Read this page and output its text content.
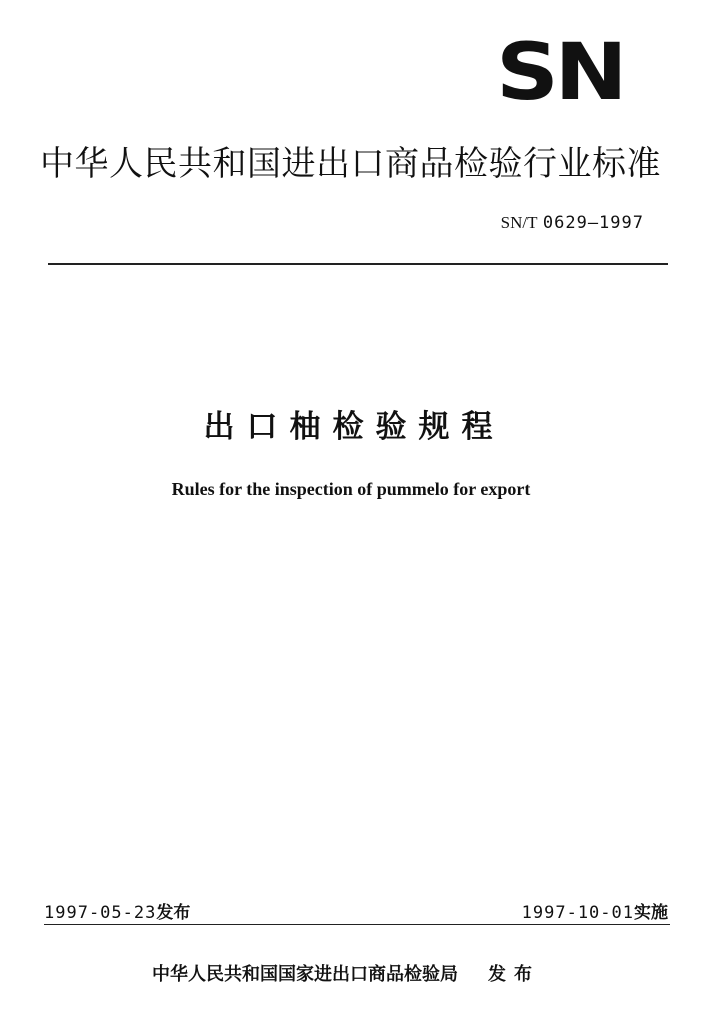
SN
中华人民共和国进出口商品检验行业标准
SN/T 0629—1997
出口柚检验规程
Rules for the inspection of pummelo for export
1997-05-23发布	1997-10-01实施
中华人民共和国国家进出口商品检验局 发布
